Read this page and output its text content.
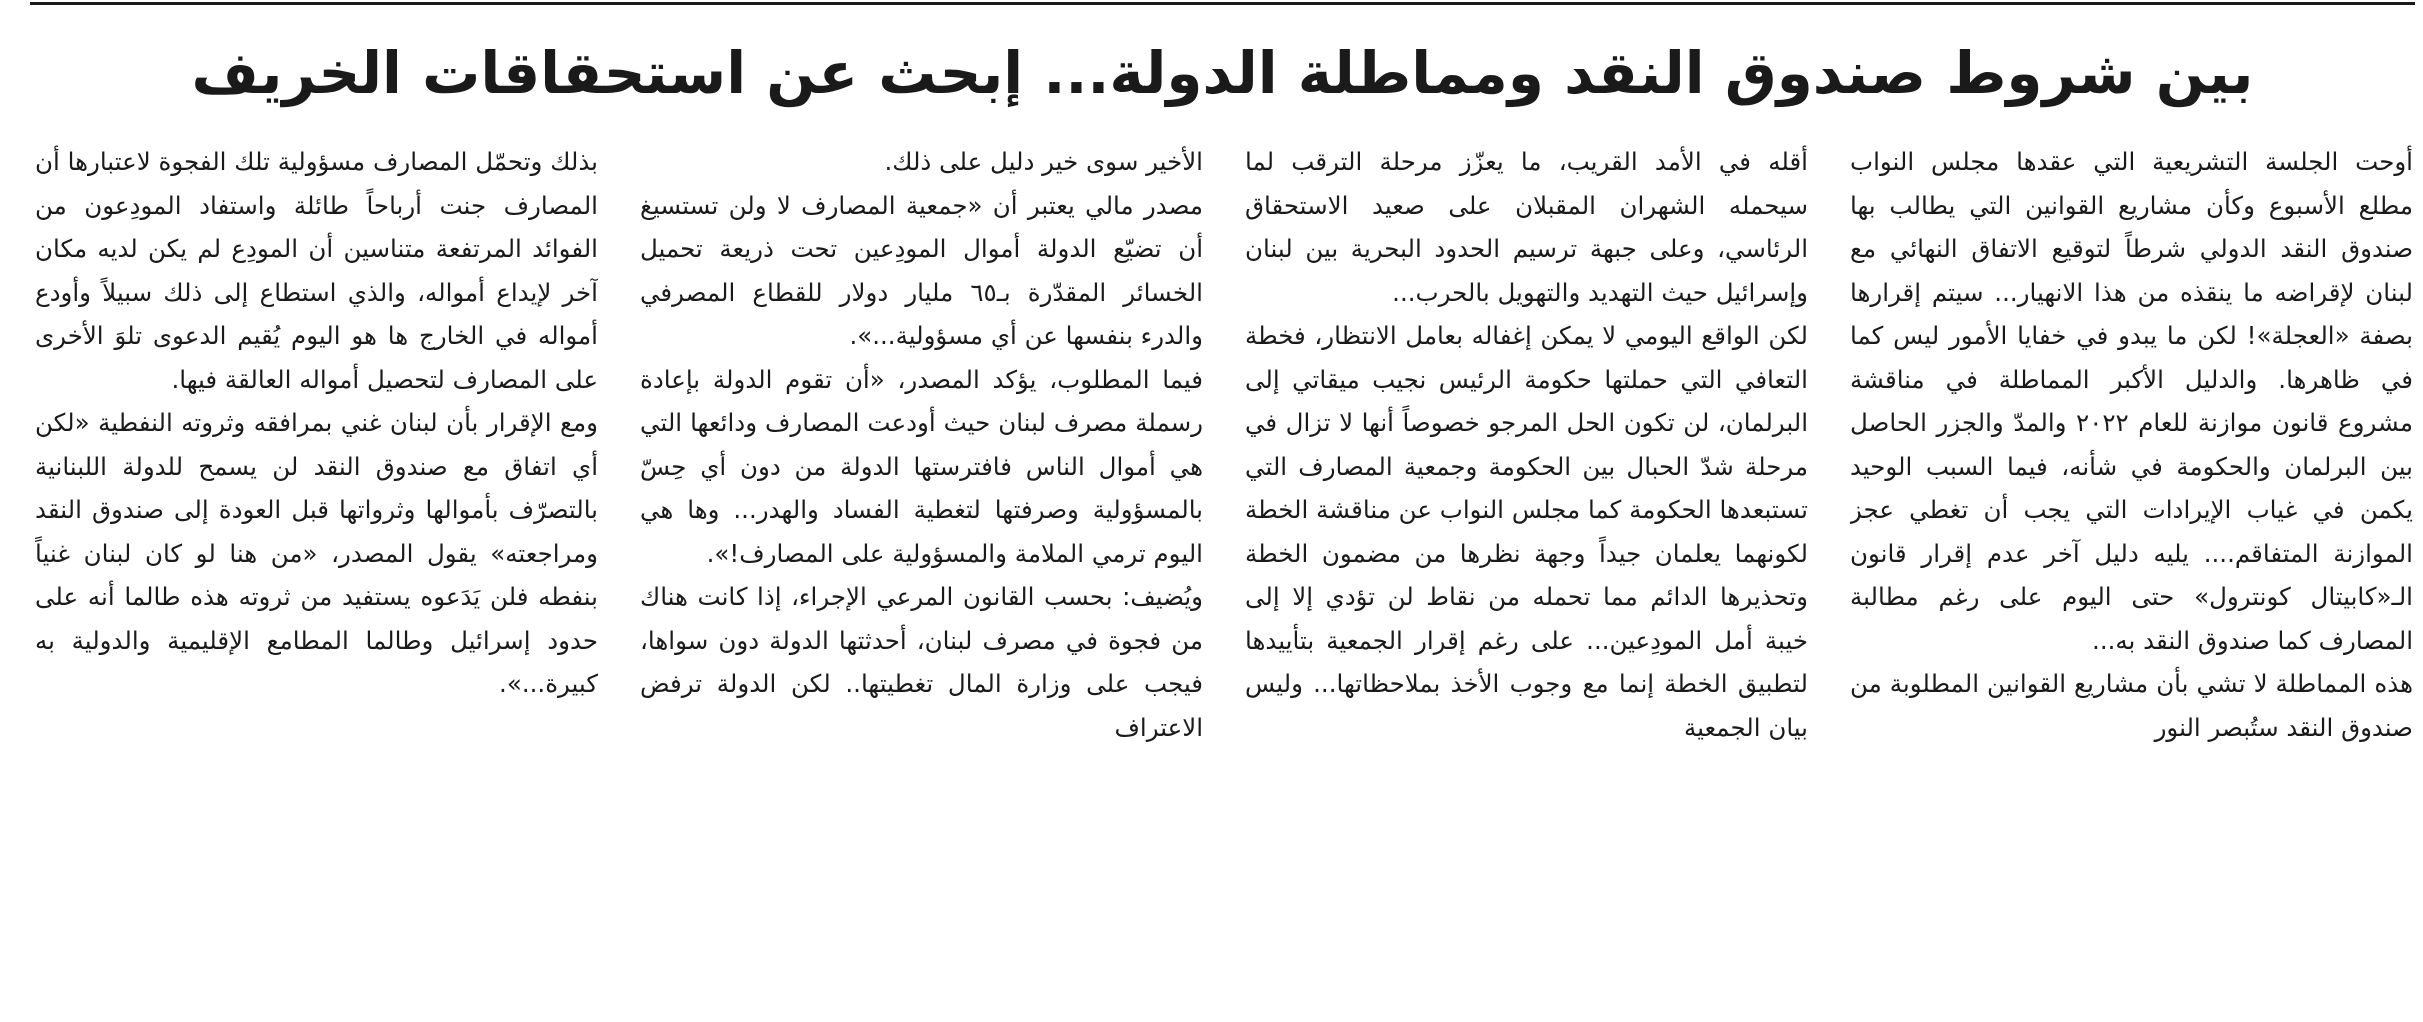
بين شروط صندوق النقد ومماطلة الدولة... إبحث عن استحقاقات الخريف

أوحت الجلسة التشريعية التي عقدها مجلس النواب مطلع الأسبوع وكأن مشاريع القوانين التي يطالب بها صندوق النقد الدولي شرطاً لتوقيع الاتفاق النهائي مع لبنان لإقراضه ما ينقذه من هذا الانهيار... سيتم إقرارها بصفة «العجلة»! لكن ما يبدو في خفايا الأمور ليس كما في ظاهرها. والدليل الأكبر المماطلة في مناقشة مشروع قانون موازنة للعام ٢٠٢٢ والمدّ والجزر الحاصل بين البرلمان والحكومة في شأنه، فيما السبب الوحيد يكمن في غياب الإيرادات التي يجب أن تغطي عجز الموازنة المتفاقم.... يليه دليل آخر عدم إقرار قانون الـ«كابيتال كونترول» حتى اليوم على رغم مطالبة المصارف كما صندوق النقد به...

هذه المماطلة لا تشي بأن مشاريع القوانين المطلوبة من صندوق النقد ستُبصر النور

أقله في الأمد القريب، ما يعزّز مرحلة الترقب لما سيحمله الشهران المقبلان على صعيد الاستحقاق الرئاسي، وعلى جبهة ترسيم الحدود البحرية بين لبنان وإسرائيل حيث التهديد والتهويل بالحرب...

لكن الواقع اليومي لا يمكن إغفاله بعامل الانتظار، فخطة التعافي التي حملتها حكومة الرئيس نجيب ميقاتي إلى البرلمان، لن تكون الحل المرجو خصوصاً أنها لا تزال في مرحلة شدّ الحبال بين الحكومة وجمعية المصارف التي تستبعدها الحكومة كما مجلس النواب عن مناقشة الخطة لكونهما يعلمان جيداً وجهة نظرها من مضمون الخطة وتحذيرها الدائم مما تحمله من نقاط لن تؤدي إلا إلى خيبة أمل المودِعين... على رغم إقرار الجمعية بتأييدها لتطبيق الخطة إنما مع وجوب الأخذ بملاحظاتها... وليس بيان الجمعية

الأخير سوى خير دليل على ذلك.

مصدر مالي يعتبر أن «جمعية المصارف لا ولن تستسيغ أن تضيّع الدولة أموال المودِعين تحت ذريعة تحميل الخسائر المقدّرة بـ٦٥ مليار دولار للقطاع المصرفي والدرء بنفسها عن أي مسؤولية...».

فيما المطلوب، يؤكد المصدر، «أن تقوم الدولة بإعادة رسملة مصرف لبنان حيث أودعت المصارف ودائعها التي هي أموال الناس فافترستها الدولة من دون أي حِسّ بالمسؤولية وصرفتها لتغطية الفساد والهدر... وها هي اليوم ترمي الملامة والمسؤولية على المصارف!».

ويُضيف: بحسب القانون المرعي الإجراء، إذا كانت هناك من فجوة في مصرف لبنان، أحدثتها الدولة دون سواها، فيجب على وزارة المال تغطيتها.. لكن الدولة ترفض الاعتراف

بذلك وتحمّل المصارف مسؤولية تلك الفجوة لاعتبارها أن المصارف جنت أرباحاً طائلة واستفاد المودِعون من الفوائد المرتفعة متناسين أن المودِع لم يكن لديه مكان آخر لإيداع أمواله، والذي استطاع إلى ذلك سبيلاً وأودع أمواله في الخارج ها هو اليوم يُقيم الدعوى تلوَ الأخرى على المصارف لتحصيل أمواله العالقة فيها.

ومع الإقرار بأن لبنان غني بمرافقه وثروته النفطية «لكن أي اتفاق مع صندوق النقد لن يسمح للدولة اللبنانية بالتصرّف بأموالها وثرواتها قبل العودة إلى صندوق النقد ومراجعته» يقول المصدر، «من هنا لو كان لبنان غنياً بنفطه فلن يَدَعوه يستفيد من ثروته هذه طالما أنه على حدود إسرائيل وطالما المطامع الإقليمية والدولية به كبيرة...».
